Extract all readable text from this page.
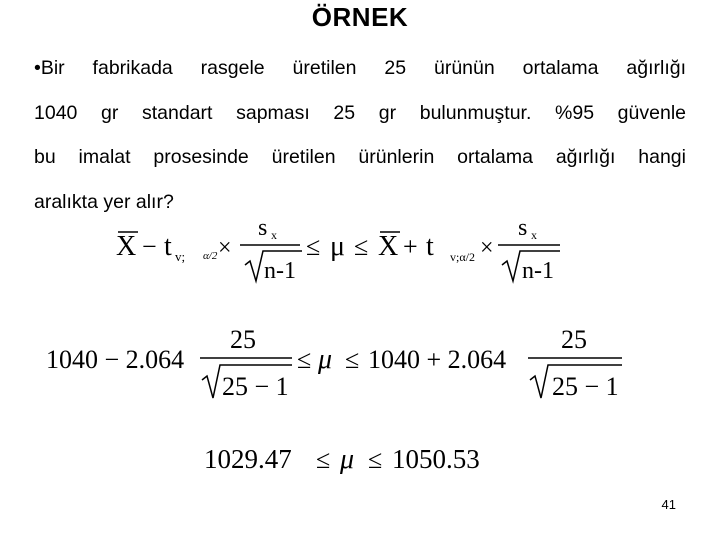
ÖRNEK
•Bir fabrikada rasgele üretilen 25 ürünün ortalama ağırlığı
1040 gr standart sapması 25 gr bulunmuştur. %95 güvenle
bu imalat prosesinde üretilen ürünlerin ortalama ağırlığı hangi
aralıkta yer alır?
X − t v; α/2 ×
s x
n-1
≤ μ ≤ X + t v;α/2 ×
s x
n-1
1040 − 2.064
25
25 − 1
≤ μ ≤ 1040 + 2.064
25
25 − 1
1029.47 ≤ μ ≤ 1050.53
41
